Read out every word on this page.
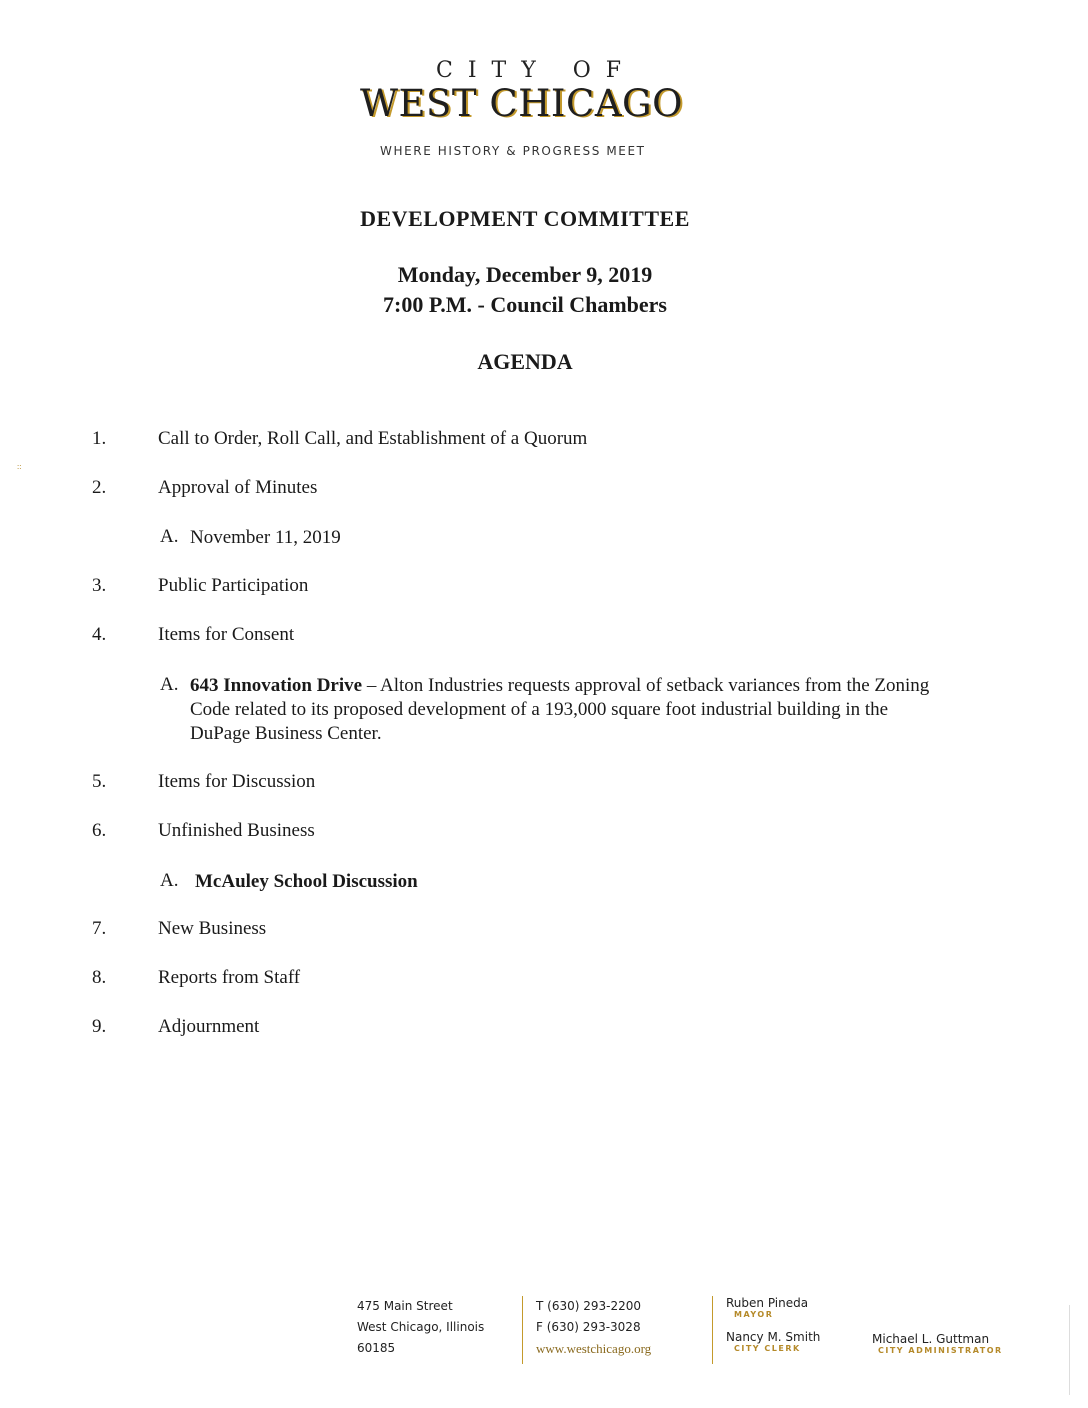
CITY OF
WEST CHICAGO
WHERE HISTORY & PROGRESS MEET
DEVELOPMENT COMMITTEE
Monday, December 9, 2019
7:00 P.M. - Council Chambers
AGENDA
::
1.	Call to Order, Roll Call, and Establishment of a Quorum
2.	Approval of Minutes
A. November 11, 2019
3.	Public Participation
4.	Items for Consent
A. 643 Innovation Drive – Alton Industries requests approval of setback variances from the Zoning Code related to its proposed development of a 193,000 square foot industrial building in the DuPage Business Center.
5.	Items for Discussion
6.	Unfinished Business
A. McAuley School Discussion
7.	New Business
8.	Reports from Staff
9.	Adjournment
475 Main Street
West Chicago, Illinois
60185
T (630) 293-2200
F (630) 293-3028
www.westchicago.org
Ruben Pineda
MAYOR
Nancy M. Smith
CITY CLERK
Michael L. Guttman
CITY ADMINISTRATOR
